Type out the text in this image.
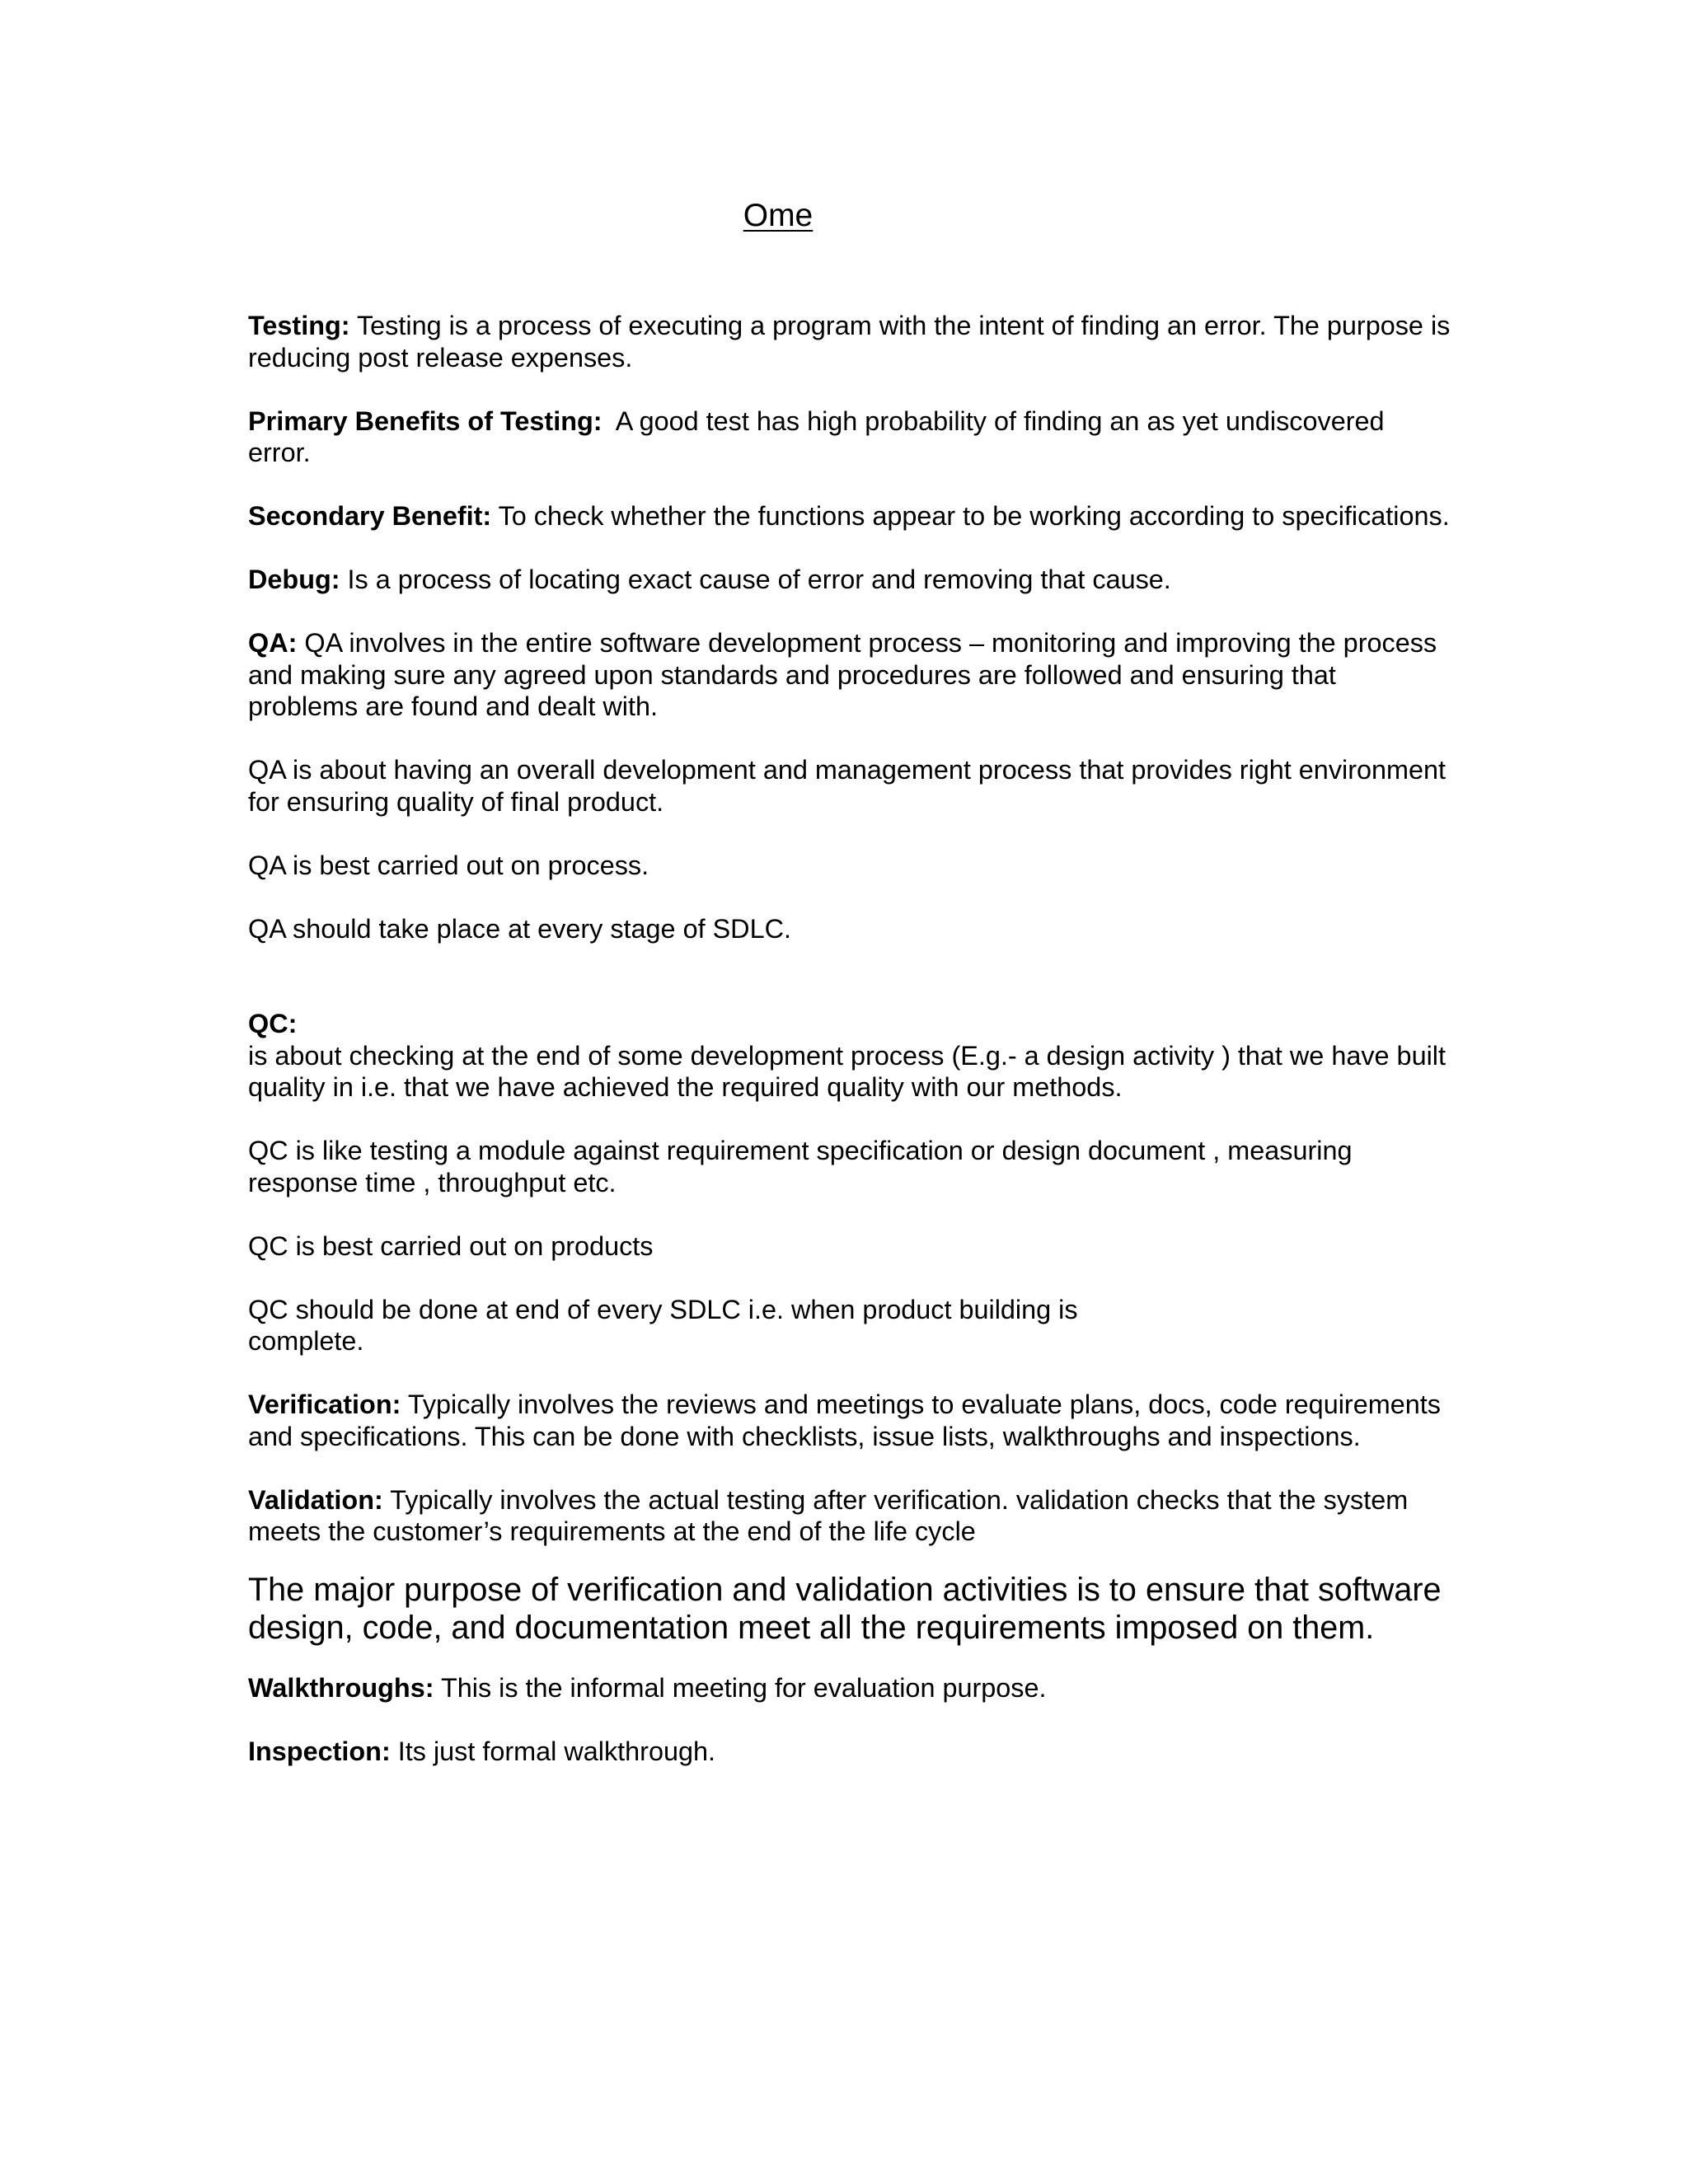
Ome

Testing: Testing is a process of executing a program with the intent of finding an error. The purpose is reducing post release expenses.

Primary Benefits of Testing:  A good test has high probability of finding an as yet undiscovered error.

Secondary Benefit: To check whether the functions appear to be working according to specifications.

Debug: Is a process of locating exact cause of error and removing that cause.

QA: QA involves in the entire software development process – monitoring and improving the process and making sure any agreed upon standards and procedures are followed and ensuring that problems are found and dealt with.

QA is about having an overall development and management process that provides right environment for ensuring quality of final product.

QA is best carried out on process.

QA should take place at every stage of SDLC.

QC:

is about checking at the end of some development process (E.g.- a design activity ) that we have built quality in i.e. that we have achieved the required quality with our methods.

QC is like testing a module against requirement specification or design document , measuring response time , throughput etc.

QC is best carried out on products

QC should be done at end of every SDLC i.e. when product building is complete.

Verification: Typically involves the reviews and meetings to evaluate plans, docs, code requirements and specifications. This can be done with checklists, issue lists, walkthroughs and inspections.

Validation: Typically involves the actual testing after verification. validation checks that the system meets the customer’s requirements at the end of the life cycle

The major purpose of verification and validation activities is to ensure that software design, code, and documentation meet all the requirements imposed on them.

Walkthroughs: This is the informal meeting for evaluation purpose.

Inspection: Its just formal walkthrough.
